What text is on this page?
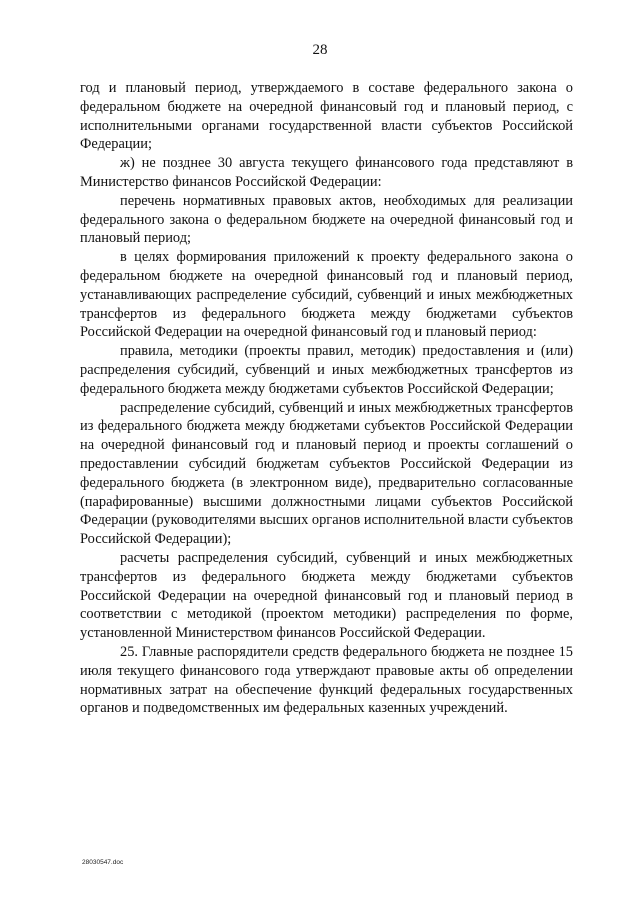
28

год и плановый период, утверждаемого в составе федерального закона о федеральном бюджете на очередной финансовый год и плановый период, с исполнительными органами государственной власти субъектов Российской Федерации;

ж) не позднее 30 августа текущего финансового года представляют в Министерство финансов Российской Федерации:

перечень нормативных правовых актов, необходимых для реализации федерального закона о федеральном бюджете на очередной финансовый год и плановый период;

в целях формирования приложений к проекту федерального закона о федеральном бюджете на очередной финансовый год и плановый период, устанавливающих распределение субсидий, субвенций и иных межбюджетных трансфертов из федерального бюджета между бюджетами субъектов Российской Федерации на очередной финансовый год и плановый период:

правила, методики (проекты правил, методик) предоставления и (или) распределения субсидий, субвенций и иных межбюджетных трансфертов из федерального бюджета между бюджетами субъектов Российской Федерации;

распределение субсидий, субвенций и иных межбюджетных трансфертов из федерального бюджета между бюджетами субъектов Российской Федерации на очередной финансовый год и плановый период и проекты соглашений о предоставлении субсидий бюджетам субъектов Российской Федерации из федерального бюджета (в электронном виде), предварительно согласованные (парафированные) высшими должностными лицами субъектов Российской Федерации (руководителями высших органов исполнительной власти субъектов Российской Федерации);

расчеты распределения субсидий, субвенций и иных межбюджетных трансфертов из федерального бюджета между бюджетами субъектов Российской Федерации на очередной финансовый год и плановый период в соответствии с методикой (проектом методики) распределения по форме, установленной Министерством финансов Российской Федерации.

25. Главные распорядители средств федерального бюджета не позднее 15 июля текущего финансового года утверждают правовые акты об определении нормативных затрат на обеспечение функций федеральных государственных органов и подведомственных им федеральных казенных учреждений.

28030547.doc
